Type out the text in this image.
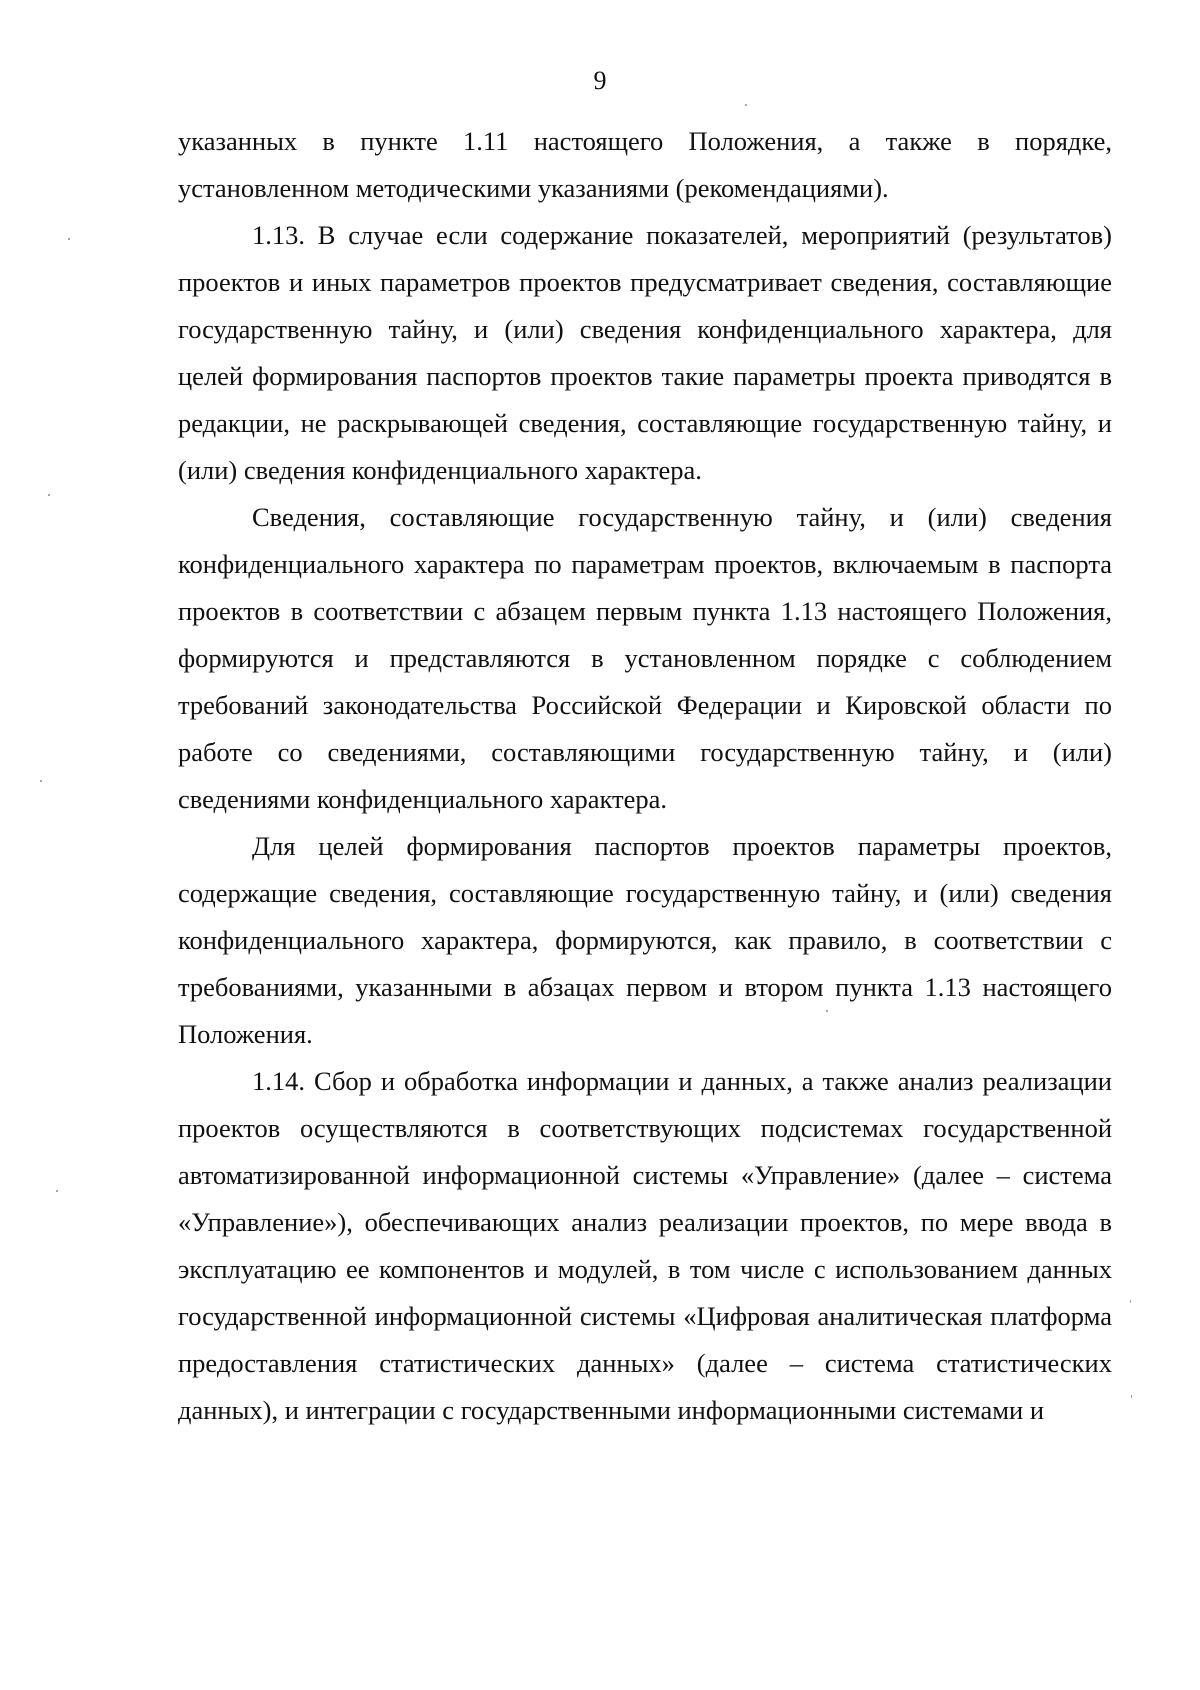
9

указанных в пункте 1.11 настоящего Положения, а также в порядке, установленном методическими указаниями (рекомендациями).

1.13. В случае если содержание показателей, мероприятий (результатов) проектов и иных параметров проектов предусматривает сведения, составляющие государственную тайну, и (или) сведения конфиденциального характера, для целей формирования паспортов проектов такие параметры проекта приводятся в редакции, не раскрывающей сведения, составляющие государственную тайну, и (или) сведения конфиденциального характера.

Сведения, составляющие государственную тайну, и (или) сведения конфиденциального характера по параметрам проектов, включаемым в паспорта проектов в соответствии с абзацем первым пункта 1.13 настоящего Положения, формируются и представляются в установленном порядке с соблюдением требований законодательства Российской Федерации и Кировской области по работе со сведениями, составляющими государственную тайну, и (или) сведениями конфиденциального характера.

Для целей формирования паспортов проектов параметры проектов, содержащие сведения, составляющие государственную тайну, и (или) сведения конфиденциального характера, формируются, как правило, в соответствии с требованиями, указанными в абзацах первом и втором пункта 1.13 настоящего Положения.

1.14. Сбор и обработка информации и данных, а также анализ реализации проектов осуществляются в соответствующих подсистемах государственной автоматизированной информационной системы «Управление» (далее – система «Управление»), обеспечивающих анализ реализации проектов, по мере ввода в эксплуатацию ее компонентов и модулей, в том числе с использованием данных государственной информационной системы «Цифровая аналитическая платформа предоставления статистических данных» (далее – система статистических данных), и интеграции с государственными информационными системами и
